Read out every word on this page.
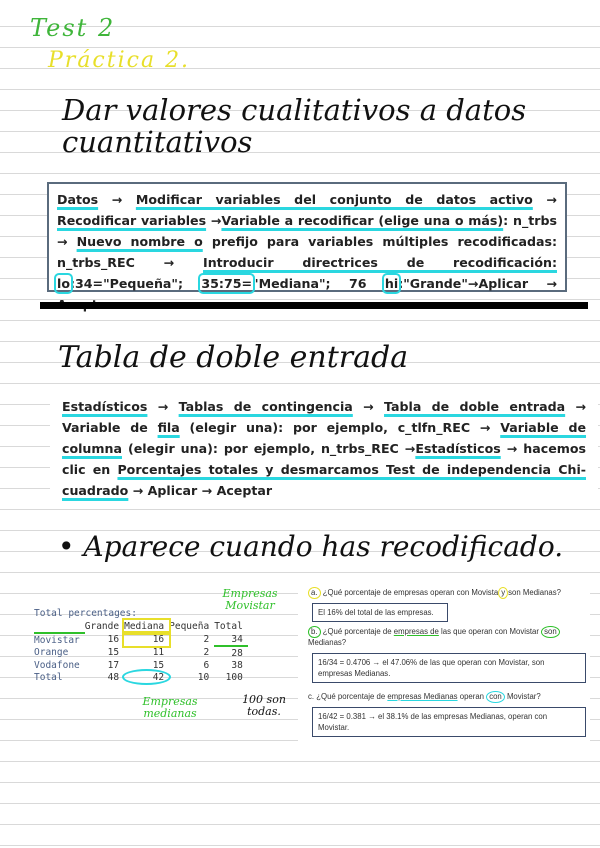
Test 2
Práctica 2.
Dar valores cualitativos a datos cuantitativos
Datos → Modificar variables del conjunto de datos activo → Recodificar variables →Variable a recodificar (elige una o más): n_trbs → Nuevo nombre o prefijo para variables múltiples recodificadas: n_trbs_REC → Introducir directrices de recodificación: lo:34="Pequeña"; 35:75="Mediana"; 76 hi:"Grande"→Aplicar →
Tabla de doble entrada
Estadísticos → Tablas de contingencia → Tabla de doble entrada → Variable de fila (elegir una): por ejemplo, c_tlfn_REC → Variable de columna (elegir una): por ejemplo, n_trbs_REC →Estadísticos → hacemos clic en Porcentajes totales y desmarcamos Test de independencia Chi-cuadrado → Aplicar → Aceptar
• Aparece cuando has recodificado.
Total percentages:
	Grande	Mediana	Pequeña	Total
Movistar	16	16	2	34
Orange	15	11	2	28
Vodafone	17	15	6	38
Total	48	42	10	100
Empresas Movistar
Empresas medianas
100 son todas.
a. ¿Qué porcentaje de empresas operan con Movista y son Medianas?
El 16% del total de las empresas.
b. ¿Qué porcentaje de empresas de las que operan con Movistar son Medianas?
16/34 = 0.4706 → el 47.06% de las que operan con Movistar, son empresas Medianas.
c. ¿Qué porcentaje de empresas Medianas operan con Movistar?
16/42 = 0.381 → el 38.1% de las empresas Medianas, operan con Movistar.
